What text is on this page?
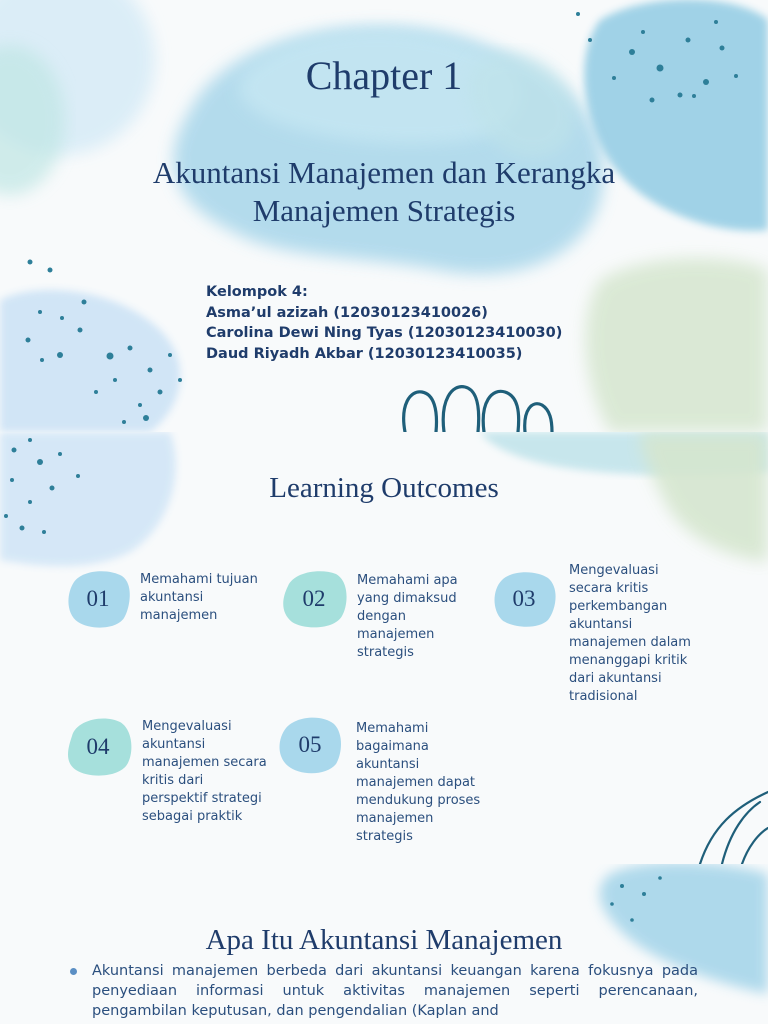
Chapter 1
Akuntansi Manajemen dan Kerangka
Manajemen Strategis
Kelompok 4:
Asma’ul azizah (12030123410026)
Carolina Dewi Ning Tyas (12030123410030)
Daud Riyadh Akbar (12030123410035)
Learning Outcomes
01
Memahami tujuan
akuntansi
manajemen
02
Memahami apa
yang dimaksud
dengan
manajemen
strategis
03
Mengevaluasi
secara kritis
perkembangan
akuntansi
manajemen dalam
menanggapi kritik
dari akuntansi
tradisional
04
Mengevaluasi
akuntansi
manajemen secara
kritis dari
perspektif strategi
sebagai praktik
05
Memahami
bagaimana
akuntansi
manajemen dapat
mendukung proses
manajemen
strategis
Apa Itu Akuntansi Manajemen
Akuntansi manajemen berbeda dari akuntansi keuangan karena fokusnya pada penyediaan informasi untuk aktivitas manajemen seperti perencanaan, pengambilan keputusan, dan pengendalian (Kaplan and
